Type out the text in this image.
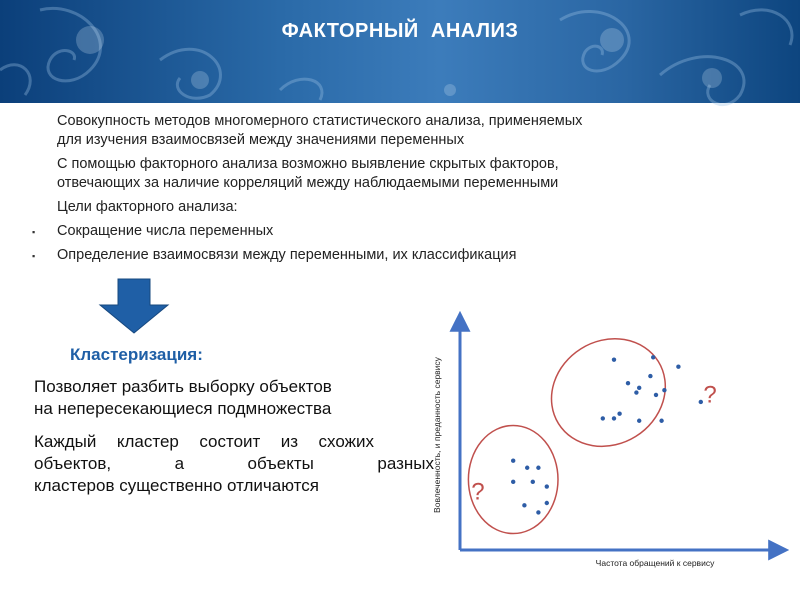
ФАКТОРНЫЙ  АНАЛИЗ
Совокупность методов многомерного статистического анализа, применяемых
для изучения взаимосвязей между значениями переменных
С помощью факторного анализа возможно выявление скрытых факторов,
отвечающих за наличие корреляций между наблюдаемыми переменными
Цели факторного анализа:
▪	Сокращение числа переменных
▪	Определение взаимосвязи между переменными, их классификация
Кластеризация:
Позволяет разбить выборку объектов
на непересекающиеся подмножества
Каждый кластер состоит из схожих
объектов, а объекты разных
кластеров существенно отличаются
Частота обращений к сервису
Вовлеченность, и преданность сервису ?
?
